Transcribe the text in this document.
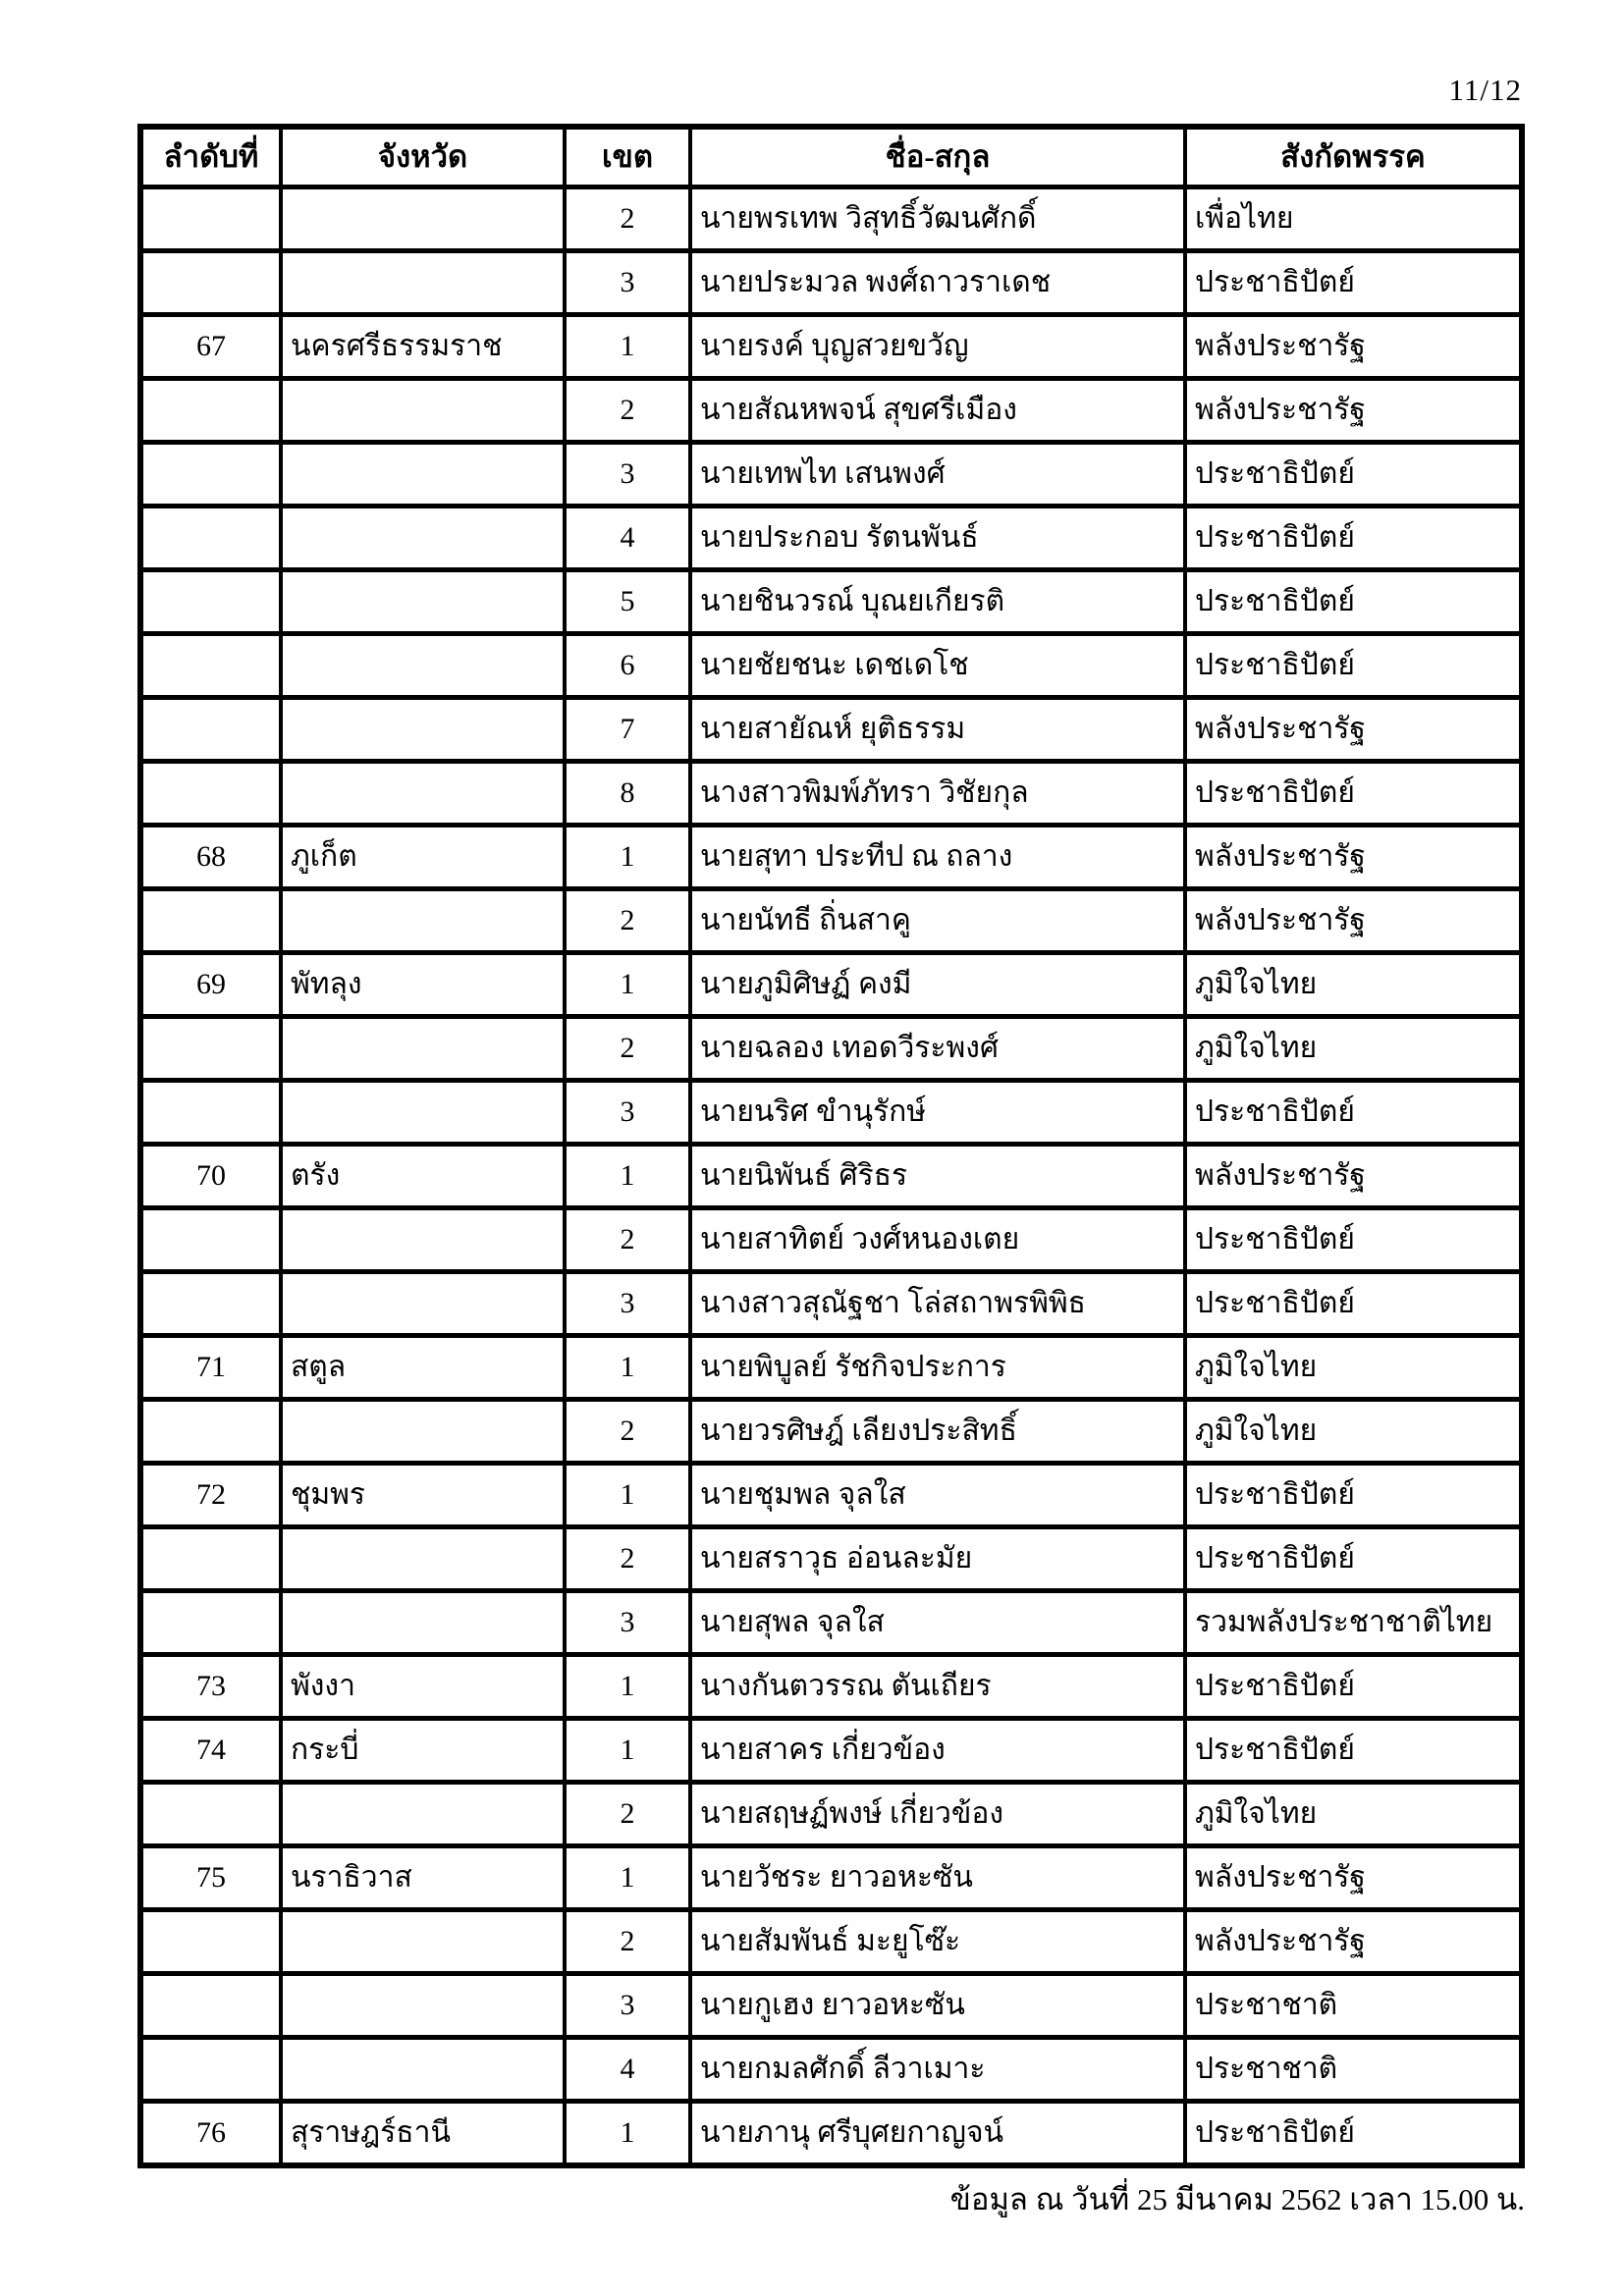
11/12
ลำดับที่	จังหวัด	เขต	ชื่อ-สกุล	สังกัดพรรค
		2	นายพรเทพ วิสุทธิ์วัฒนศักดิ์	เพื่อไทย
		3	นายประมวล พงศ์ถาวราเดช	ประชาธิปัตย์
67	นครศรีธรรมราช	1	นายรงค์ บุญสวยขวัญ	พลังประชารัฐ
		2	นายสัณหพจน์ สุขศรีเมือง	พลังประชารัฐ
		3	นายเทพไท เสนพงศ์	ประชาธิปัตย์
		4	นายประกอบ รัตนพันธ์	ประชาธิปัตย์
		5	นายชินวรณ์ บุณยเกียรติ	ประชาธิปัตย์
		6	นายชัยชนะ เดชเดโช	ประชาธิปัตย์
		7	นายสายัณห์ ยุติธรรม	พลังประชารัฐ
		8	นางสาวพิมพ์ภัทรา วิชัยกุล	ประชาธิปัตย์
68	ภูเก็ต	1	นายสุทา ประทีป ณ ถลาง	พลังประชารัฐ
		2	นายนัทธี ถิ่นสาคู	พลังประชารัฐ
69	พัทลุง	1	นายภูมิศิษฏ์ คงมี	ภูมิใจไทย
		2	นายฉลอง เทอดวีระพงศ์	ภูมิใจไทย
		3	นายนริศ ขำนุรักษ์	ประชาธิปัตย์
70	ตรัง	1	นายนิพันธ์ ศิริธร	พลังประชารัฐ
		2	นายสาทิตย์ วงศ์หนองเตย	ประชาธิปัตย์
		3	นางสาวสุณัฐชา โล่สถาพรพิพิธ	ประชาธิปัตย์
71	สตูล	1	นายพิบูลย์ รัชกิจประการ	ภูมิใจไทย
		2	นายวรศิษฎ์ เลียงประสิทธิ์	ภูมิใจไทย
72	ชุมพร	1	นายชุมพล จุลใส	ประชาธิปัตย์
		2	นายสราวุธ อ่อนละมัย	ประชาธิปัตย์
		3	นายสุพล จุลใส	รวมพลังประชาชาติไทย
73	พังงา	1	นางกันตวรรณ ตันเถียร	ประชาธิปัตย์
74	กระบี่	1	นายสาคร เกี่ยวข้อง	ประชาธิปัตย์
		2	นายสฤษฏ์พงษ์ เกี่ยวข้อง	ภูมิใจไทย
75	นราธิวาส	1	นายวัชระ ยาวอหะซัน	พลังประชารัฐ
		2	นายสัมพันธ์ มะยูโซ๊ะ	พลังประชารัฐ
		3	นายกูเฮง ยาวอหะซัน	ประชาชาติ
		4	นายกมลศักดิ์ ลีวาเมาะ	ประชาชาติ
76	สุราษฎร์ธานี	1	นายภานุ ศรีบุศยกาญจน์	ประชาธิปัตย์
ข้อมูล ณ วันที่ 25 มีนาคม 2562 เวลา 15.00 น.
